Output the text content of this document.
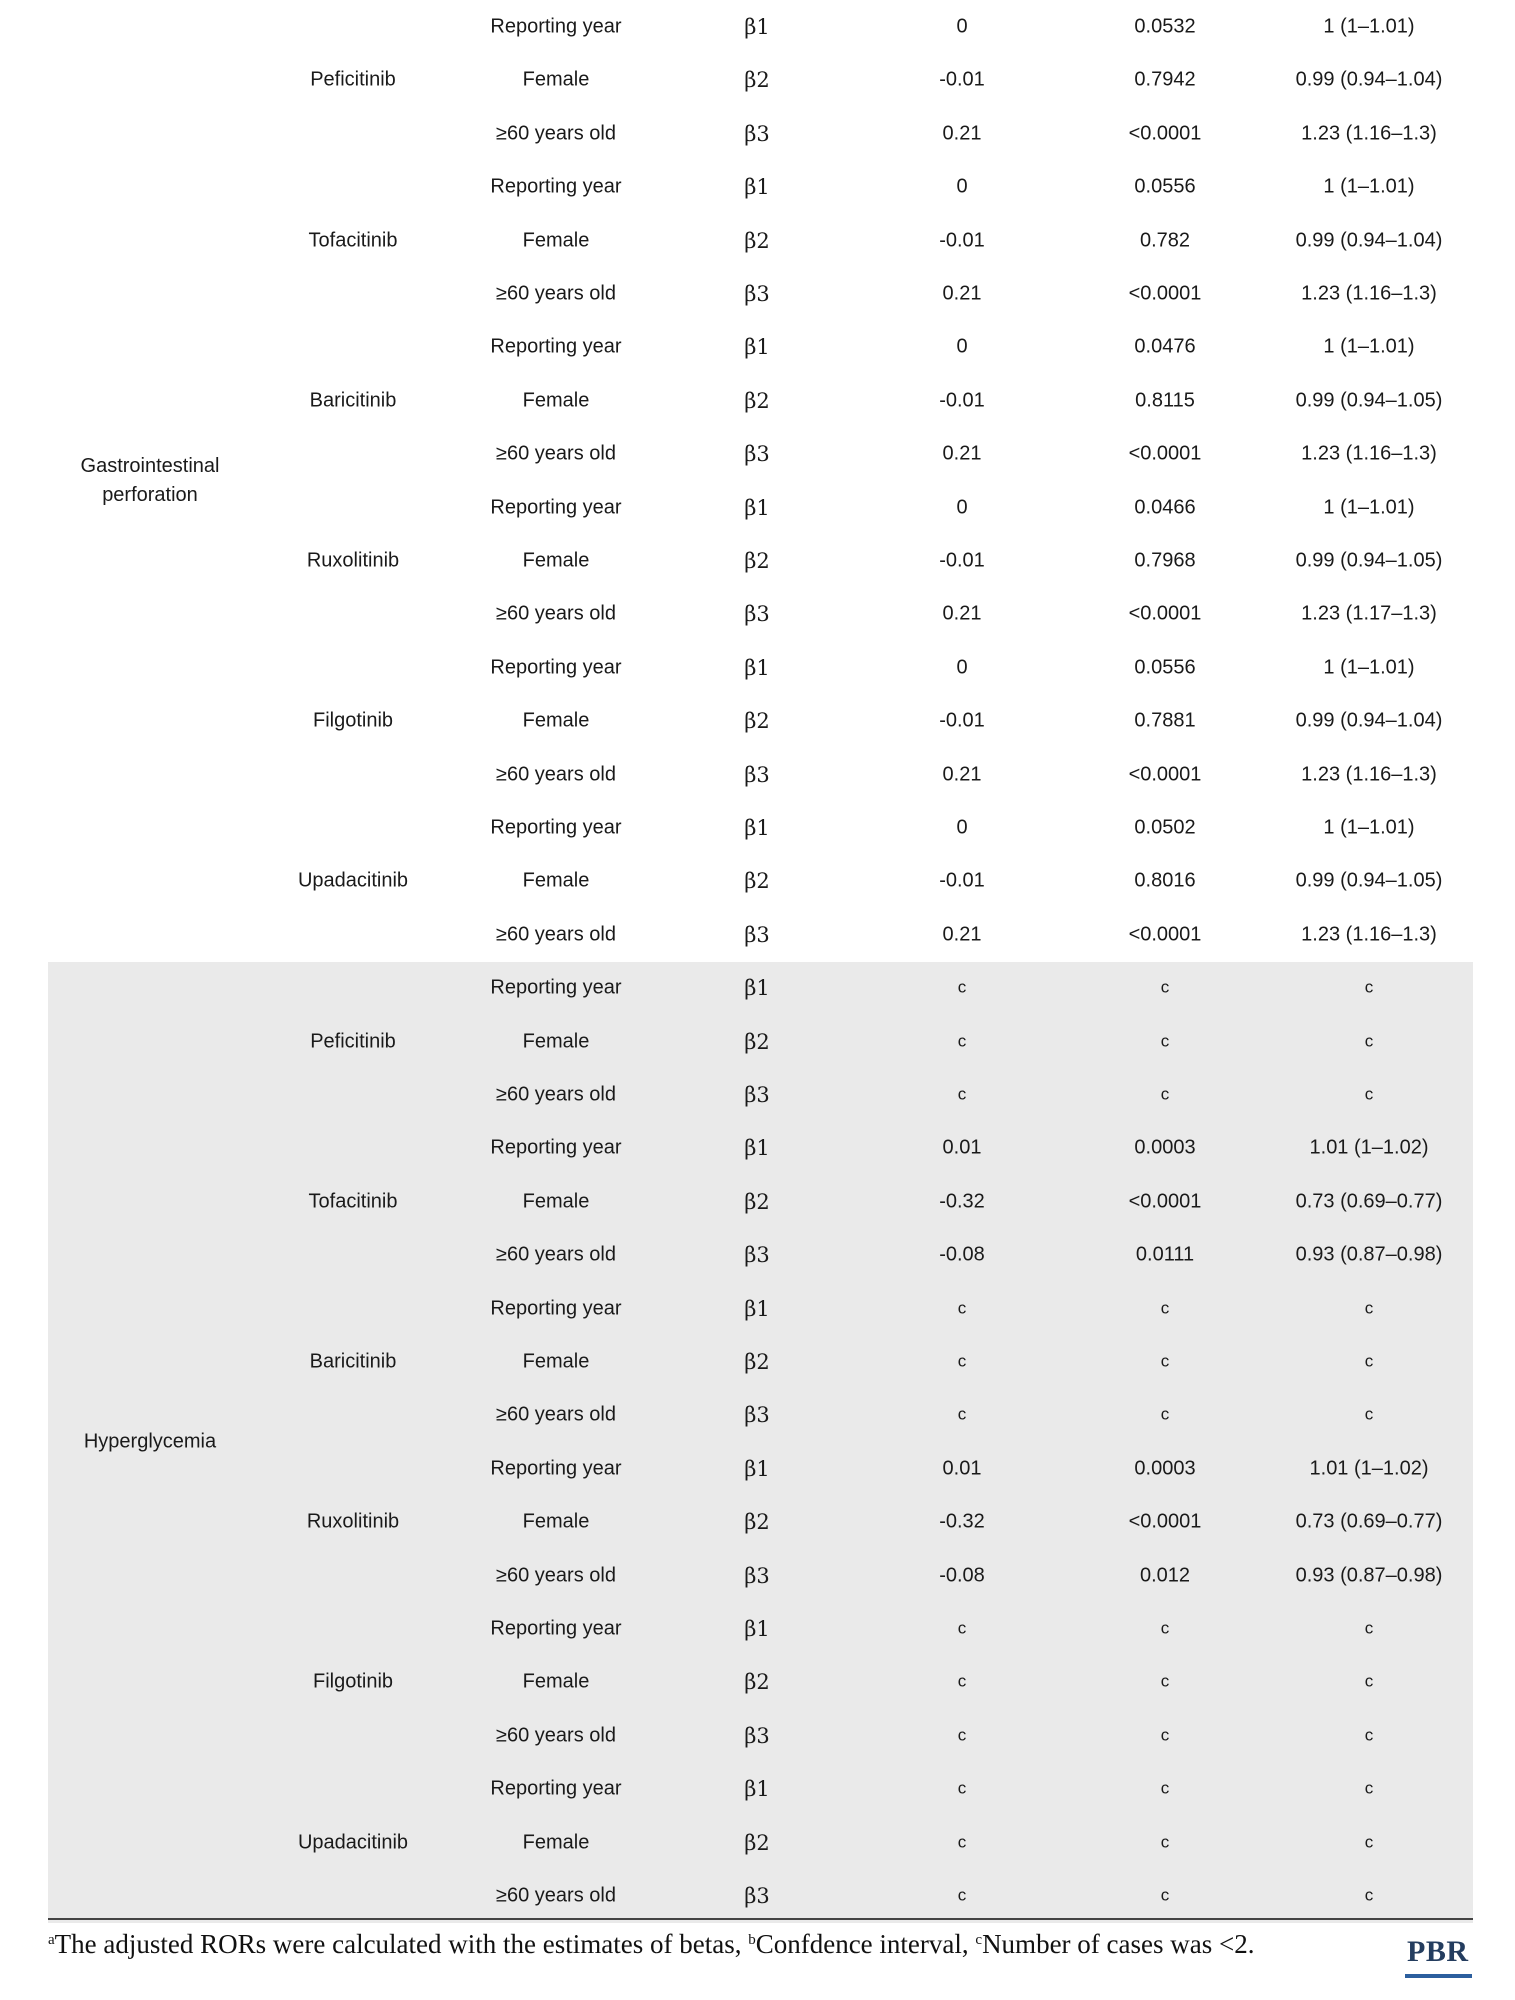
Gastrointestinal perforation
Peficitinib
Reporting year	β1	0	0.0532	1 (1–1.01)
Female	β2	-0.01	0.7942	0.99 (0.94–1.04)
≥60 years old	β3	0.21	<0.0001	1.23 (1.16–1.3)
Tofacitinib
Reporting year	β1	0	0.0556	1 (1–1.01)
Female	β2	-0.01	0.782	0.99 (0.94–1.04)
≥60 years old	β3	0.21	<0.0001	1.23 (1.16–1.3)
Baricitinib
Reporting year	β1	0	0.0476	1 (1–1.01)
Female	β2	-0.01	0.8115	0.99 (0.94–1.05)
≥60 years old	β3	0.21	<0.0001	1.23 (1.16–1.3)
Ruxolitinib
Reporting year	β1	0	0.0466	1 (1–1.01)
Female	β2	-0.01	0.7968	0.99 (0.94–1.05)
≥60 years old	β3	0.21	<0.0001	1.23 (1.17–1.3)
Filgotinib
Reporting year	β1	0	0.0556	1 (1–1.01)
Female	β2	-0.01	0.7881	0.99 (0.94–1.04)
≥60 years old	β3	0.21	<0.0001	1.23 (1.16–1.3)
Upadacitinib
Reporting year	β1	0	0.0502	1 (1–1.01)
Female	β2	-0.01	0.8016	0.99 (0.94–1.05)
≥60 years old	β3	0.21	<0.0001	1.23 (1.16–1.3)
Hyperglycemia
Peficitinib
Reporting year	β1	c	c	c
Female	β2	c	c	c
≥60 years old	β3	c	c	c
Tofacitinib
Reporting year	β1	0.01	0.0003	1.01 (1–1.02)
Female	β2	-0.32	<0.0001	0.73 (0.69–0.77)
≥60 years old	β3	-0.08	0.0111	0.93 (0.87–0.98)
Baricitinib
Reporting year	β1	c	c	c
Female	β2	c	c	c
≥60 years old	β3	c	c	c
Ruxolitinib
Reporting year	β1	0.01	0.0003	1.01 (1–1.02)
Female	β2	-0.32	<0.0001	0.73 (0.69–0.77)
≥60 years old	β3	-0.08	0.012	0.93 (0.87–0.98)
Filgotinib
Reporting year	β1	c	c	c
Female	β2	c	c	c
≥60 years old	β3	c	c	c
Upadacitinib
Reporting year	β1	c	c	c
Female	β2	c	c	c
≥60 years old	β3	c	c	c
$^a$The adjusted RORs were calculated with the estimates of betas, $^b$Confdence interval, $^c$Number of cases was <2.	PBR
